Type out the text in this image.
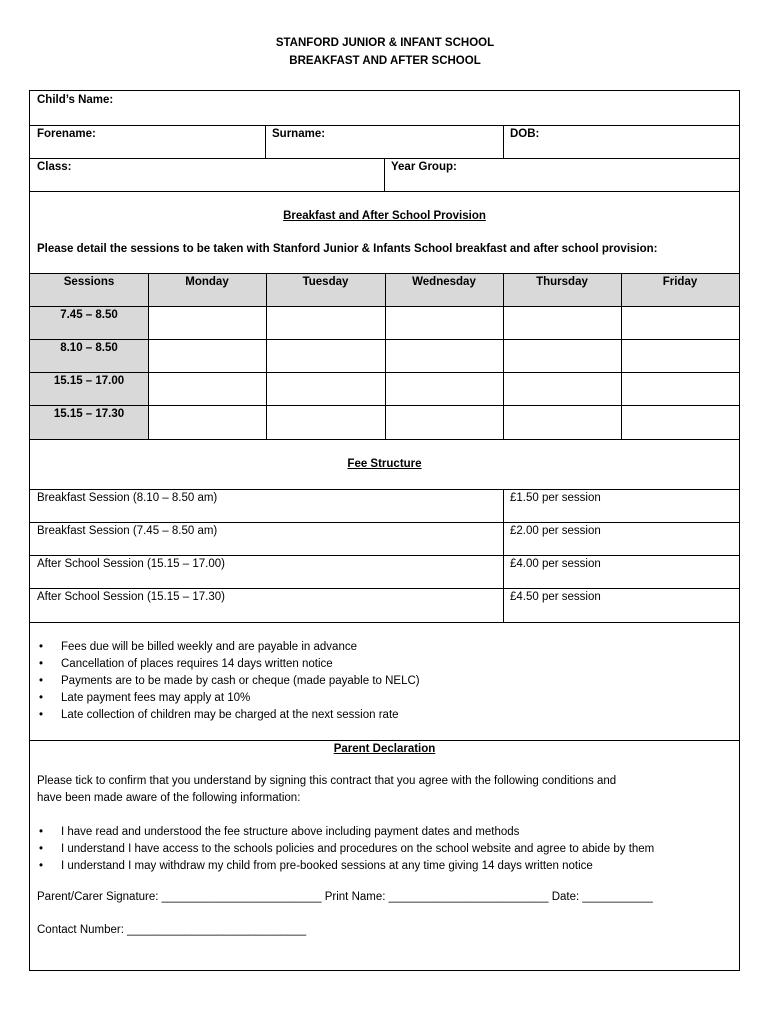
STANFORD JUNIOR & INFANT SCHOOL
BREAKFAST AND AFTER SCHOOL
Child’s Name:
Forename:	Surname:	DOB:
Class:	Year Group:
Breakfast and After School Provision
Please detail the sessions to be taken with Stanford Junior & Infants School breakfast and after school provision:
Sessions	Monday	Tuesday	Wednesday	Thursday	Friday
7.45 – 8.50
8.10 – 8.50
15.15 – 17.00
15.15 – 17.30
Fee Structure
Breakfast Session (8.10 – 8.50 am)	£1.50 per session
Breakfast Session (7.45 – 8.50 am)	£2.00 per session
After School Session (15.15 – 17.00)	£4.00 per session
After School Session (15.15 – 17.30)	£4.50 per session
• Fees due will be billed weekly and are payable in advance
• Cancellation of places requires 14 days written notice
• Payments are to be made by cash or cheque (made payable to NELC)
• Late payment fees may apply at 10%
• Late collection of children may be charged at the next session rate
Parent Declaration
Please tick to confirm that you understand by signing this contract that you agree with the following conditions and
have been made aware of the following information:
• I have read and understood the fee structure above including payment dates and methods
• I understand I have access to the schools policies and procedures on the school website and agree to abide by them
• I understand I may withdraw my child from pre-booked sessions at any time giving 14 days written notice
Parent/Carer Signature: _________________________ Print Name: _________________________ Date: ___________
Contact Number: ____________________________
